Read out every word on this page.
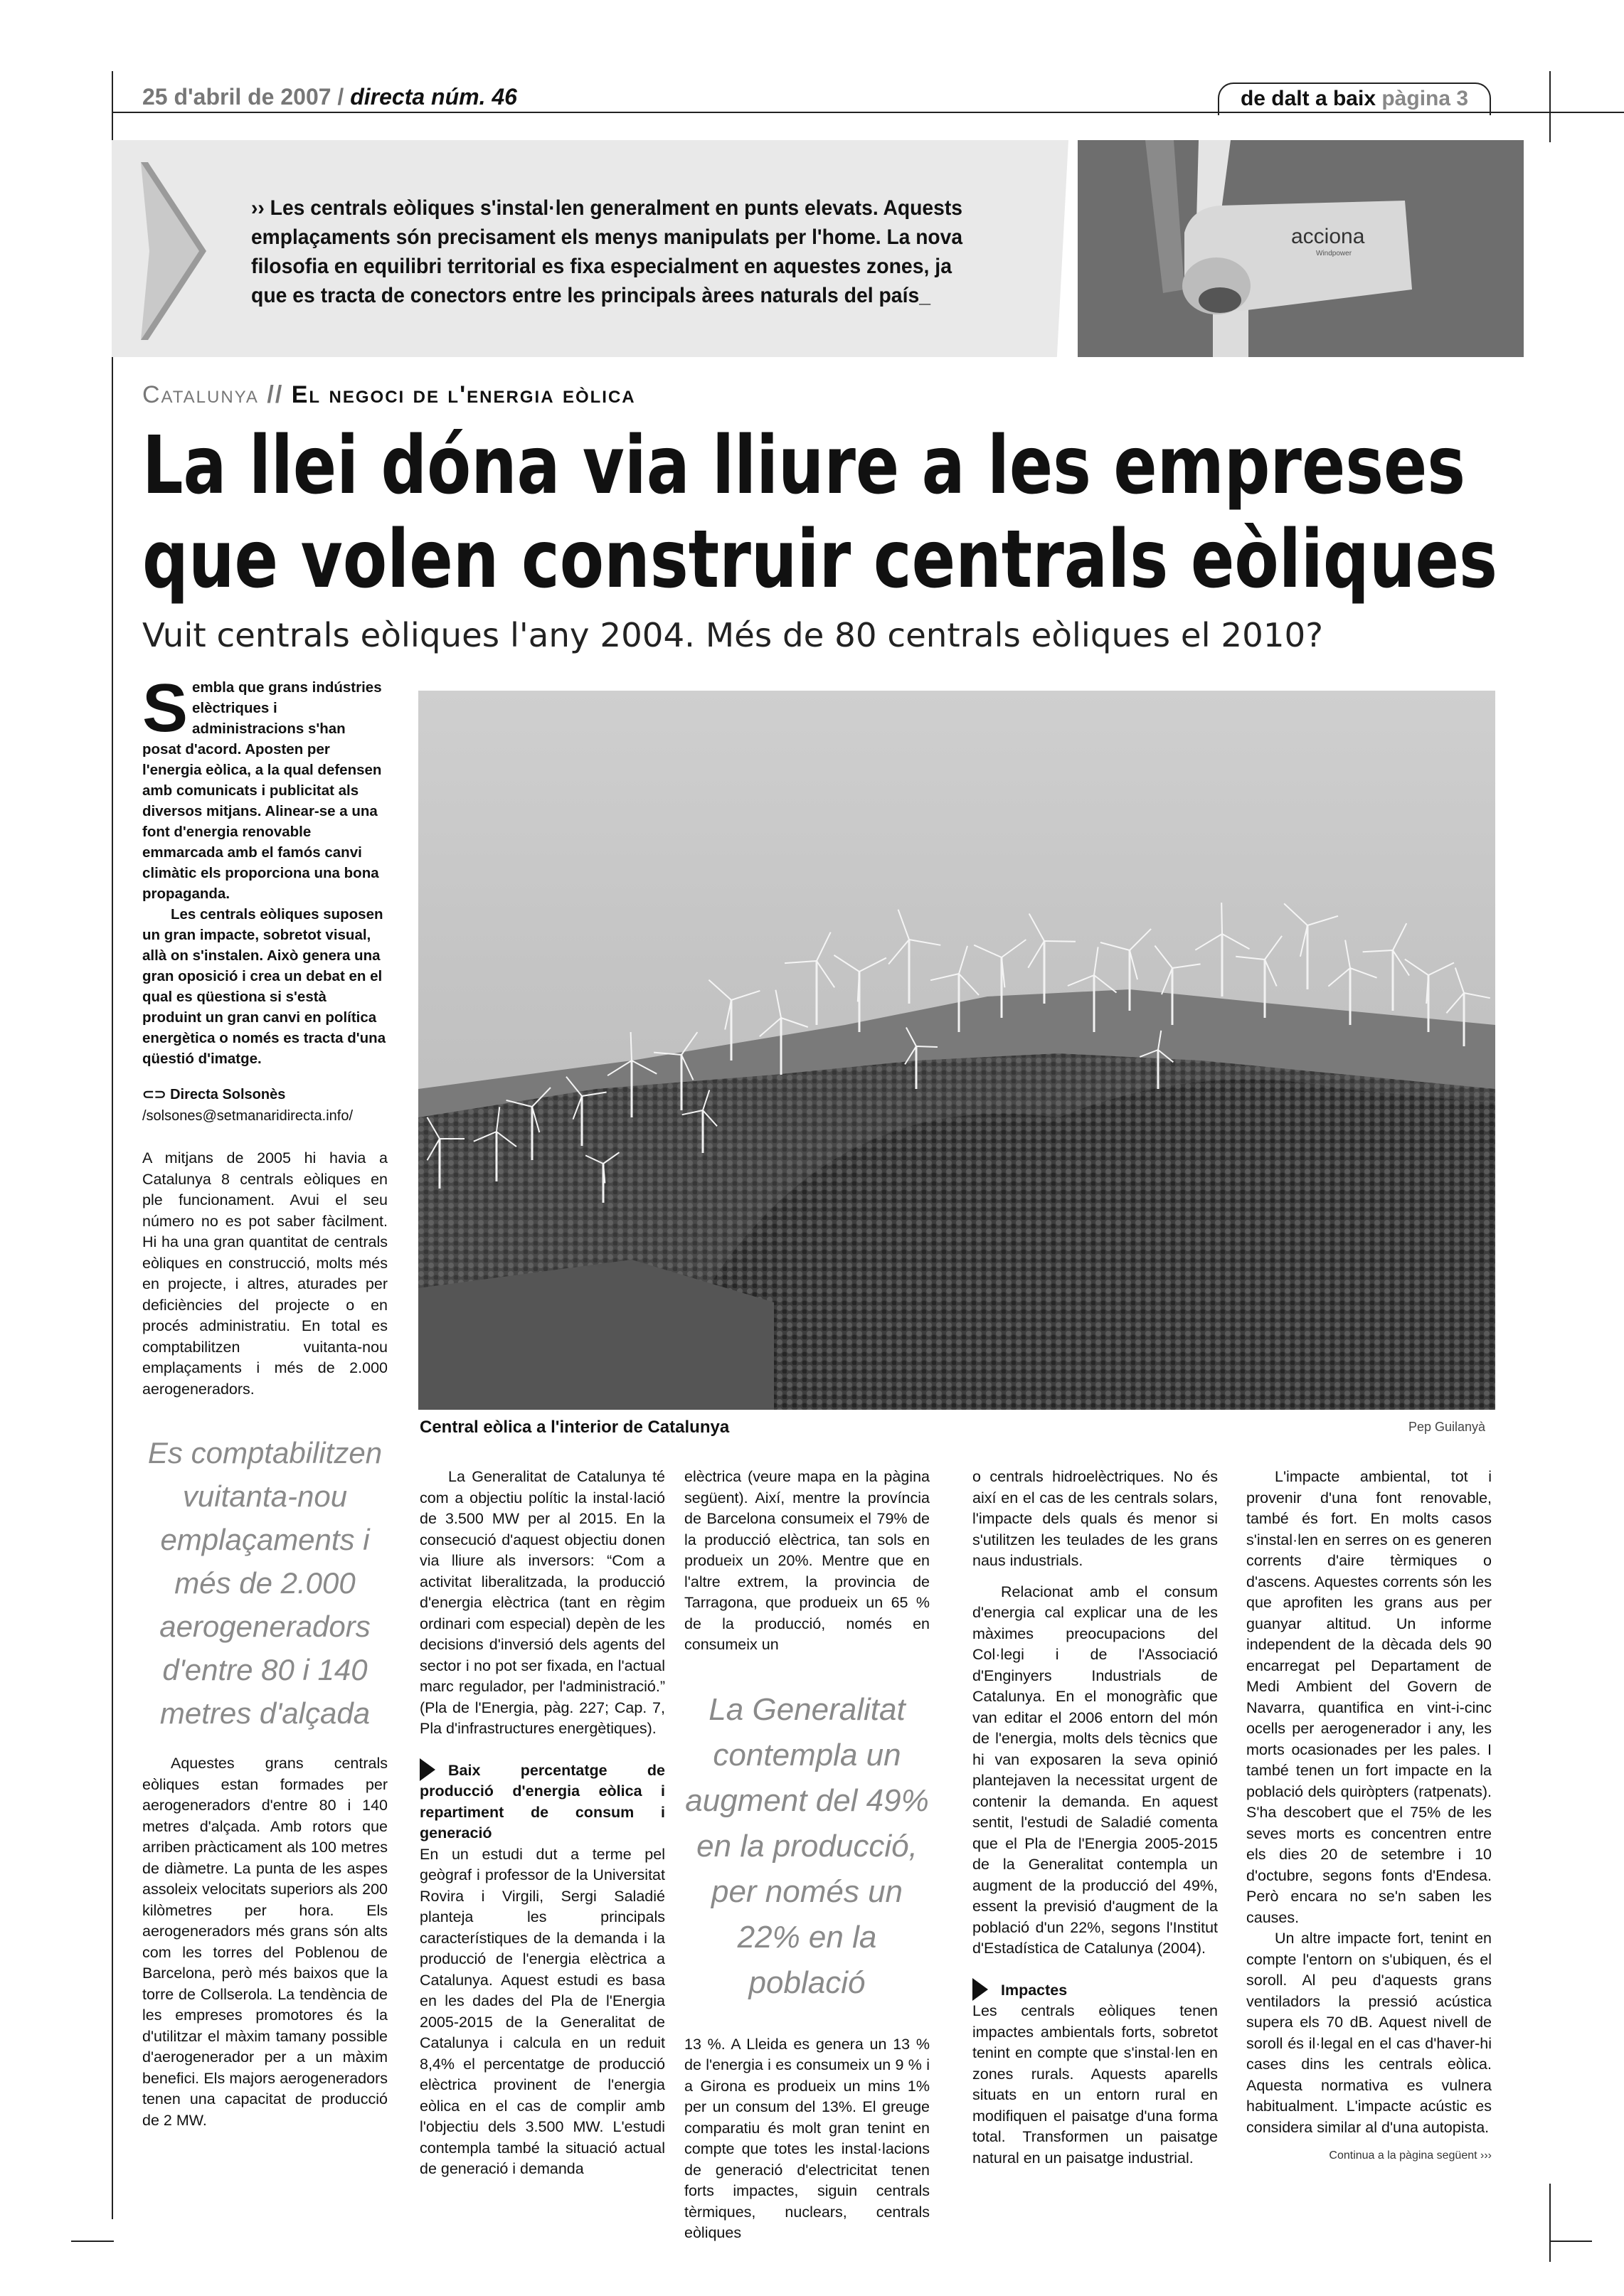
25 d'abril de 2007 / directa núm. 46	de dalt a baix pàgina 3
›› Les centrals eòliques s'instal·len generalment en punts elevats. Aquests
emplaçaments són precisament els menys manipulats per l'home. La nova
filosofia en equilibri territorial es fixa especialment en aquestes zones, ja
que es tracta de conectors entre les principals àrees naturals del país_
acciona
Windpower
Catalunya // El negoci de l'energia eòlica
La llei dóna via lliure a les empreses
que volen construir centrals eòliques
Vuit centrals eòliques l'any 2004. Més de 80 centrals eòliques el 2010?
S embla que grans indústries elèctriques i administracions s'han posat d'acord. Aposten per l'energia eòlica, a la qual defensen amb comunicats i publicitat als diversos mitjans. Alinear-se a una font d'energia renovable emmarcada amb el famós canvi climàtic els proporciona una bona propaganda.

Les centrals eòliques suposen un gran impacte, sobretot visual, allà on s'instalen. Això genera una gran oposició i crea un debat en el qual es qüestiona si s'està produint un gran canvi en política energètica o només es tracta d'una qüestió d'imatge.

⊂⊃ Directa Solsonès
/solsones@setmanaridirecta.info/

A mitjans de 2005 hi havia a Catalunya 8 centrals eòliques en ple funcionament. Avui el seu número no es pot saber fàcilment. Hi ha una gran quantitat de centrals eòliques en construcció, molts més en projecte, i altres, aturades per deficiències del projecte o en procés administratiu. En total es comptabilitzen vuitanta-nou emplaçaments i més de 2.000 aerogeneradors.

Es comptabilitzen vuitanta-nou emplaçaments i més de 2.000 aerogeneradors d'entre 80 i 140 metres d'alçada

Aquestes grans centrals eòliques estan formades per aerogeneradors d'entre 80 i 140 metres d'alçada. Amb rotors que arriben pràcticament als 100 metres de diàmetre. La punta de les aspes assoleix velocitats superiors als 200 kilòmetres per hora. Els aerogeneradors més grans són alts com les torres del Poblenou de Barcelona, però més baixos que la torre de Collserola. La tendència de les empreses promotores és la d'utilitzar el màxim tamany possible d'aerogenerador per a un màxim benefici. Els majors aerogeneradors tenen una capacitat de producció de 2 MW.

Central eòlica a l'interior de Catalunya	Pep Guilanyà

La Generalitat de Catalunya té com a objectiu polític la instal·lació de 3.500 MW per al 2015. En la consecució d'aquest objectiu donen via lliure als inversors: “Com a activitat liberalitzada, la producció d'energia elèctrica (tant en règim ordinari com especial) depèn de les decisions d'inversió dels agents del sector i no pot ser fixada, en l'actual marc regulador, per l'administració.” (Pla de l'Energia, pàg. 227; Cap. 7, Pla d'infrastructures energètiques).

Baix percentatge de producció d'energia eòlica i repartiment de consum i generació

En un estudi dut a terme pel geògraf i professor de la Universitat Rovira i Virgili, Sergi Saladié planteja les principals característiques de la demanda i la producció de l'energia elèctrica a Catalunya. Aquest estudi es basa en les dades del Pla de l'Energia 2005-2015 de la Generalitat de Catalunya i calcula en un reduit 8,4% el percentatge de producció elèctrica provinent de l'energia eòlica en el cas de complir amb l'objectiu dels 3.500 MW. L'estudi contempla també la situació actual de generació i demanda

elèctrica (veure mapa en la pàgina següent). Així, mentre la província de Barcelona consumeix el 79% de la producció elèctrica, tan sols en produeix un 20%. Mentre que en l'altre extrem, la provincia de Tarragona, que produeix un 65 % de la producció, només en consumeix un

La Generalitat contempla un augment del 49% en la producció, per només un 22% en la població

13 %. A Lleida es genera un 13 % de l'energia i es consumeix un 9 % i a Girona es produeix un mins 1% per un consum del 13%. El greuge comparatiu és molt gran tenint en compte que totes les instal·lacions de generació d'electricitat tenen forts impactes, siguin centrals tèrmiques, nuclears, centrals eòliques

o centrals hidroelèctriques. No és així en el cas de les centrals solars, l'impacte dels quals és menor si s'utilitzen les teulades de les grans naus industrials.

Relacionat amb el consum d'energia cal explicar una de les màximes preocupacions del Col·legi i de l'Associació d'Enginyers Industrials de Catalunya. En el monogràfic que van editar el 2006 entorn del món de l'energia, molts dels tècnics que hi van exposaren la seva opinió plantejaven la necessitat urgent de contenir la demanda. En aquest sentit, l'estudi de Saladié comenta que el Pla de l'Energia 2005-2015 de la Generalitat contempla un augment de la producció del 49%, essent la previsió d'augment de la població d'un 22%, segons l'Institut d'Estadística de Catalunya (2004).

Impactes

Les centrals eòliques tenen impactes ambientals forts, sobretot tenint en compte que s'instal·len en zones rurals. Aquests aparells situats en un entorn rural en modifiquen el paisatge d'una forma total. Transformen un paisatge natural en un paisatge industrial.

L'impacte ambiental, tot i provenir d'una font renovable, també és fort. En molts casos s'instal·len en serres on es generen corrents d'aire tèrmiques o d'ascens. Aquestes corrents són les que aprofiten les grans aus per guanyar altitud. Un informe independent de la dècada dels 90 encarregat pel Departament de Medi Ambient del Govern de Navarra, quantifica en vint-i-cinc ocells per aerogenerador i any, les morts ocasionades per les pales. I també tenen un fort impacte en la població dels quiròpters (ratpenats). S'ha descobert que el 75% de les seves morts es concentren entre els dies 20 de setembre i 10 d'octubre, segons fonts d'Endesa. Però encara no se'n saben les causes.

Un altre impacte fort, tenint en compte l'entorn on s'ubiquen, és el soroll. Al peu d'aquests grans ventiladors la pressió acústica supera els 70 dB. Aquest nivell de soroll és il·legal en el cas d'haver-hi cases dins les centrals eòlica. Aquesta normativa es vulnera habitualment. L'impacte acústic es considera similar al d'una autopista.

Continua a la pàgina següent ›››
